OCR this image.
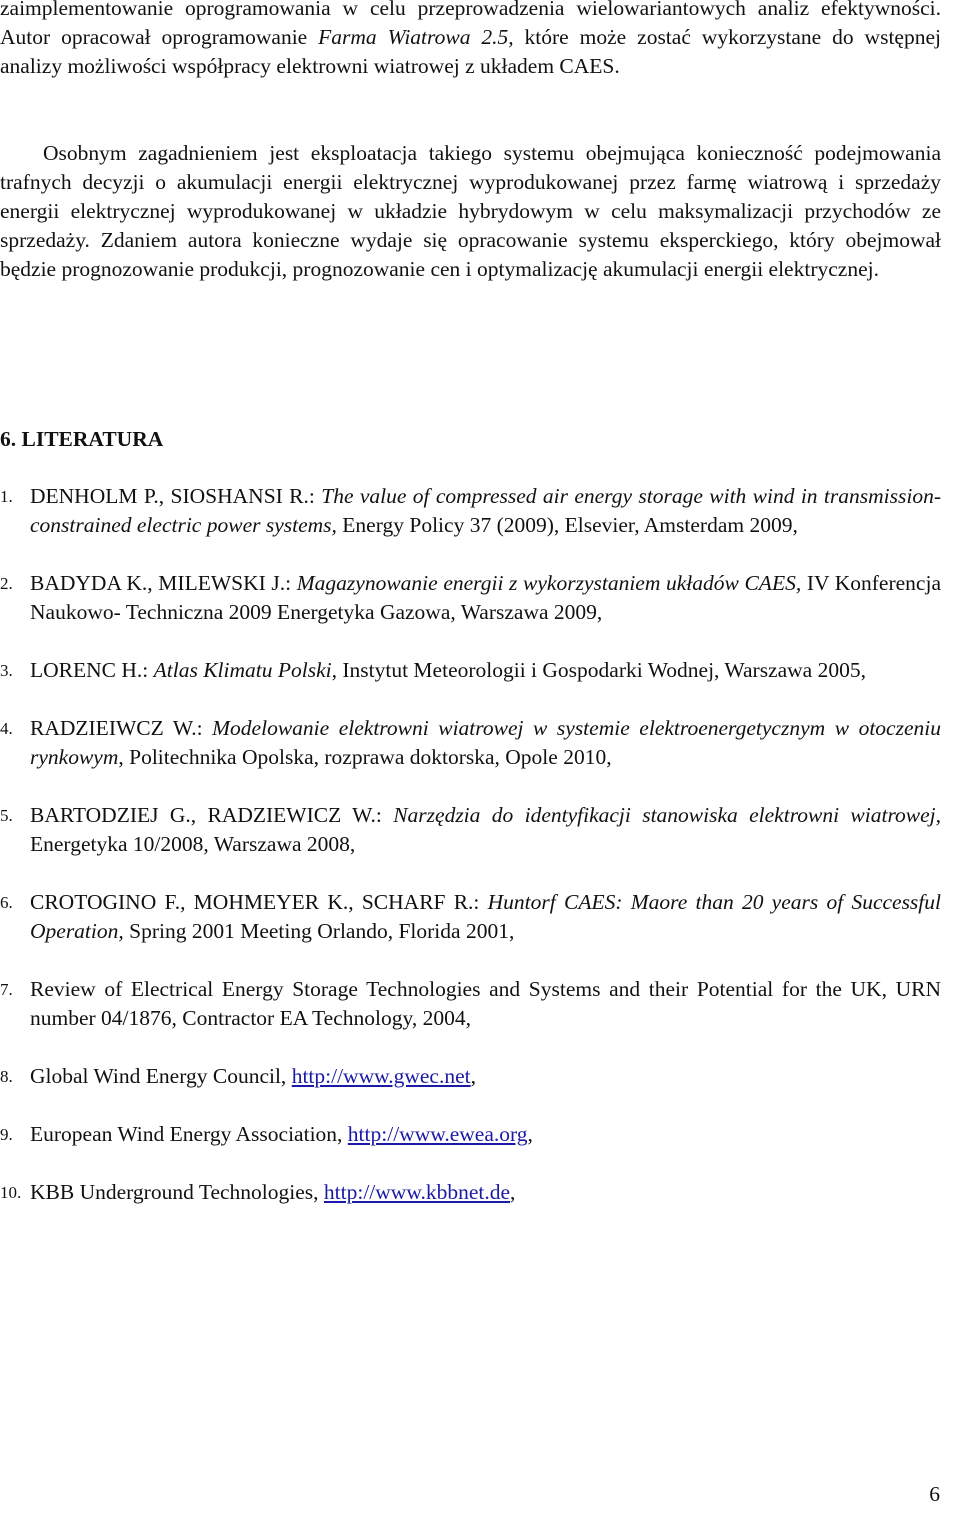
zaimplementowanie oprogramowania w celu przeprowadzenia wielowariantowych analiz efektywności. Autor opracował oprogramowanie Farma Wiatrowa 2.5, które może zostać wykorzystane do wstępnej analizy możliwości współpracy elektrowni wiatrowej z układem CAES.

Osobnym zagadnieniem jest eksploatacja takiego systemu obejmująca konieczność podejmowania trafnych decyzji o akumulacji energii elektrycznej wyprodukowanej przez farmę wiatrową i sprzedaży energii elektrycznej wyprodukowanej w układzie hybrydowym w celu maksymalizacji przychodów ze sprzedaży. Zdaniem autora konieczne wydaje się opracowanie systemu eksperckiego, który obejmował będzie prognozowanie produkcji, prognozowanie cen i optymalizację akumulacji energii elektrycznej.

6. LITERATURA
1. DENHOLM P., SIOSHANSI R.: The value of compressed air energy storage with wind in transmission- constrained electric power systems, Energy Policy 37 (2009), Elsevier, Amsterdam 2009,
2. BADYDA K., MILEWSKI J.: Magazynowanie energii z wykorzystaniem układów CAES, IV Konferencja Naukowo- Techniczna 2009 Energetyka Gazowa, Warszawa 2009,
3. LORENC H.: Atlas Klimatu Polski, Instytut Meteorologii i Gospodarki Wodnej, Warszawa 2005,
4. RADZIEIWCZ W.: Modelowanie elektrowni wiatrowej w systemie elektroenergetycznym w otoczeniu rynkowym, Politechnika Opolska, rozprawa doktorska, Opole 2010,
5. BARTODZIEJ G., RADZIEWICZ W.: Narzędzia do identyfikacji stanowiska elektrowni wiatrowej, Energetyka 10/2008, Warszawa 2008,
6. CROTOGINO F., MOHMEYER K., SCHARF R.: Huntorf CAES: Maore than 20 years of Successful Operation, Spring 2001 Meeting Orlando, Florida 2001,
7. Review of Electrical Energy Storage Technologies and Systems and their Potential for the UK, URN number 04/1876, Contractor EA Technology, 2004,
8. Global Wind Energy Council, http://www.gwec.net,
9. European Wind Energy Association, http://www.ewea.org,
10. KBB Underground Technologies, http://www.kbbnet.de,

6
